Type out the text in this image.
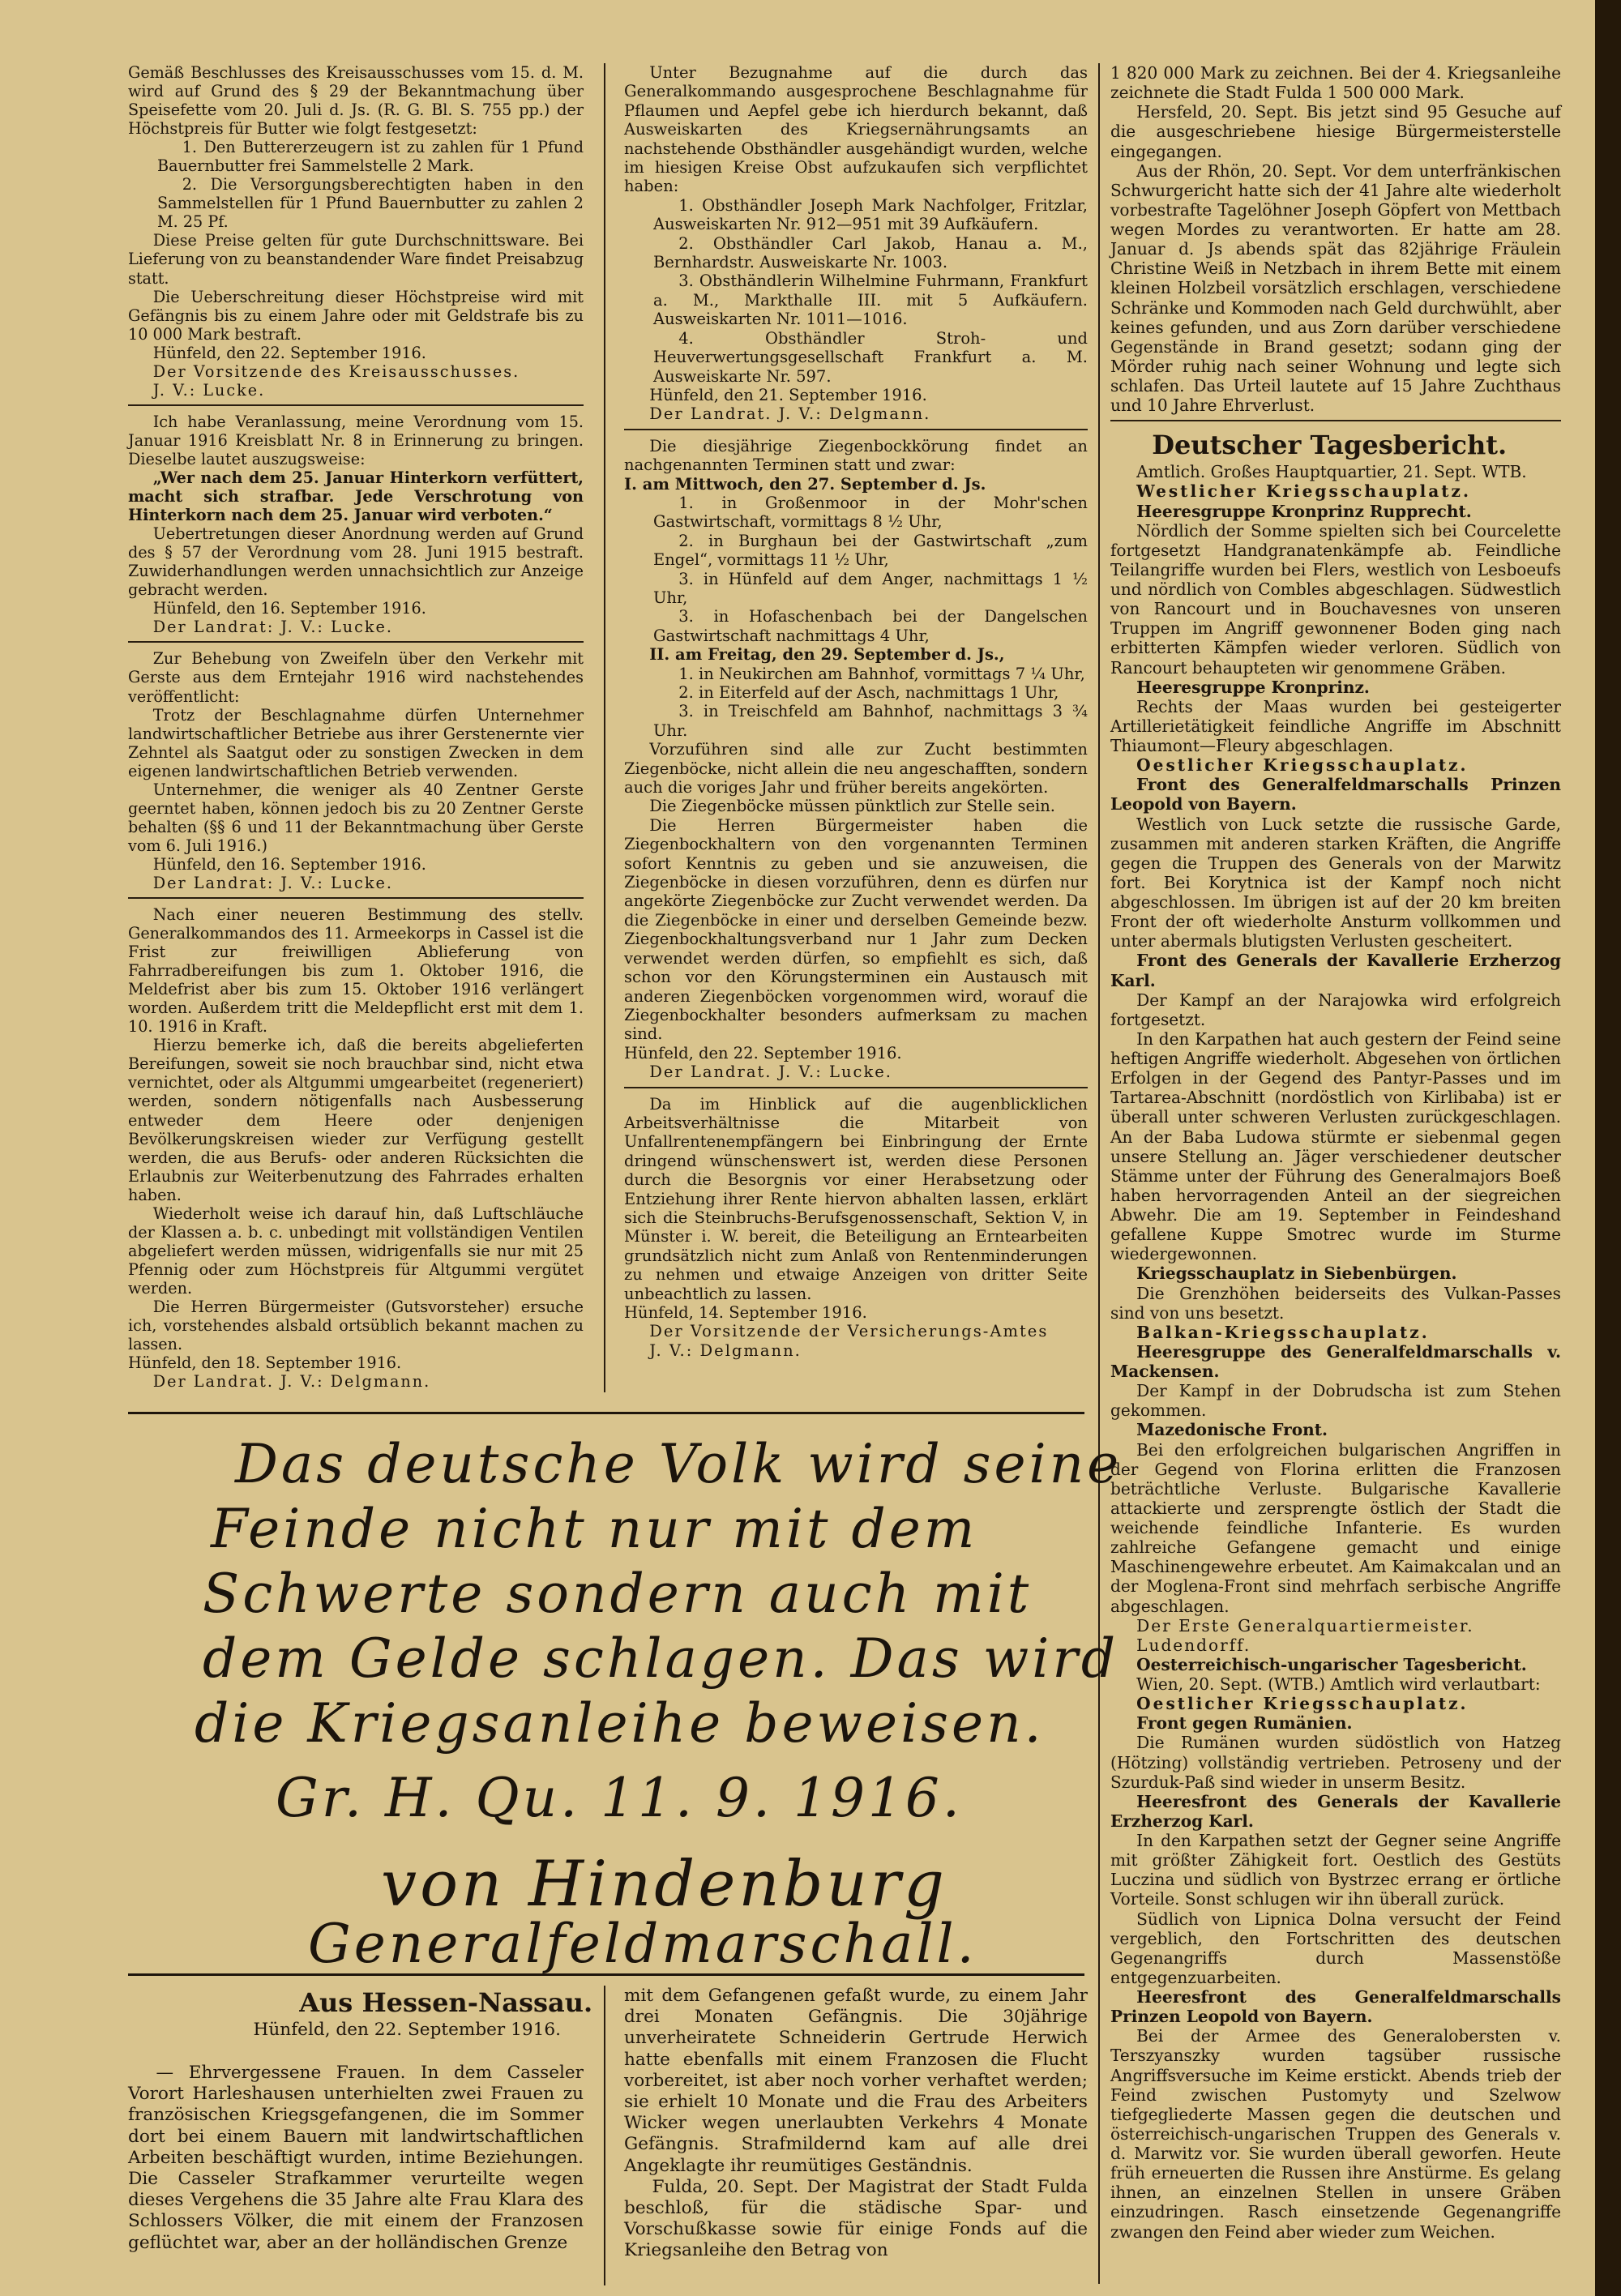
Gemäß Beschlusses des Kreisausschusses vom 15. d. M. wird auf Grund des § 29 der Bekanntmachung über Speisefette vom 20. Juli d. Js. (R. G. Bl. S. 755 pp.) der Höchstpreis für Butter wie folgt festgesetzt:

1. Den Buttererzeugern ist zu zahlen für 1 Pfund Bauernbutter frei Sammelstelle 2 Mark.

2. Die Versorgungsberechtigten haben in den Sammelstellen für 1 Pfund Bauernbutter zu zahlen 2 M. 25 Pf.

Diese Preise gelten für gute Durchschnittsware. Bei Lieferung von zu beanstandender Ware findet Preisabzug statt.

Die Ueberschreitung dieser Höchstpreise wird mit Gefängnis bis zu einem Jahre oder mit Geldstrafe bis zu 10 000 Mark bestraft.

Hünfeld, den 22. September 1916.

Der Vorsitzende des Kreisausschusses.

J. V.: Lucke.

Ich habe Veranlassung, meine Verordnung vom 15. Januar 1916 Kreisblatt Nr. 8 in Erinnerung zu bringen. Dieselbe lautet auszugsweise:

„Wer nach dem 25. Januar Hinterkorn verfüttert, macht sich strafbar. Jede Verschrotung von Hinterkorn nach dem 25. Januar wird verboten.“

Uebertretungen dieser Anordnung werden auf Grund des § 57 der Verordnung vom 28. Juni 1915 bestraft. Zuwiderhandlungen werden unnachsichtlich zur Anzeige gebracht werden.

Hünfeld, den 16. September 1916.

Der Landrat: J. V.: Lucke.

Zur Behebung von Zweifeln über den Verkehr mit Gerste aus dem Erntejahr 1916 wird nachstehendes veröffentlicht:

Trotz der Beschlagnahme dürfen Unternehmer landwirtschaftlicher Betriebe aus ihrer Gerstenernte vier Zehntel als Saatgut oder zu sonstigen Zwecken in dem eigenen landwirtschaftlichen Betrieb verwenden.

Unternehmer, die weniger als 40 Zentner Gerste geerntet haben, können jedoch bis zu 20 Zentner Gerste behalten (§§ 6 und 11 der Bekanntmachung über Gerste vom 6. Juli 1916.)

Hünfeld, den 16. September 1916.

Der Landrat: J. V.: Lucke.

Nach einer neueren Bestimmung des stellv. Generalkommandos des 11. Armeekorps in Cassel ist die Frist zur freiwilligen Ablieferung von Fahrradbereifungen bis zum 1. Oktober 1916, die Meldefrist aber bis zum 15. Oktober 1916 verlängert worden. Außerdem tritt die Meldepflicht erst mit dem 1. 10. 1916 in Kraft.

Hierzu bemerke ich, daß die bereits abgelieferten Bereifungen, soweit sie noch brauchbar sind, nicht etwa vernichtet, oder als Altgummi umgearbeitet (regeneriert) werden, sondern nötigenfalls nach Ausbesserung entweder dem Heere oder denjenigen Bevölkerungskreisen wieder zur Verfügung gestellt werden, die aus Berufs- oder anderen Rücksichten die Erlaubnis zur Weiterbenutzung des Fahrrades erhalten haben.

Wiederholt weise ich darauf hin, daß Luftschläuche der Klassen a. b. c. unbedingt mit vollständigen Ventilen abgeliefert werden müssen, widrigenfalls sie nur mit 25 Pfennig oder zum Höchstpreis für Altgummi vergütet werden.

Die Herren Bürgermeister (Gutsvorsteher) ersuche ich, vorstehendes alsbald ortsüblich bekannt machen zu lassen.

Hünfeld, den 18. September 1916.

Der Landrat. J. V.: Delgmann.

Unter Bezugnahme auf die durch das Generalkommando ausgesprochene Beschlagnahme für Pflaumen und Aepfel gebe ich hierdurch bekannt, daß Ausweiskarten des Kriegsernährungsamts an nachstehende Obsthändler ausgehändigt wurden, welche im hiesigen Kreise Obst aufzukaufen sich verpflichtet haben:

1. Obsthändler Joseph Mark Nachfolger, Fritzlar, Ausweiskarten Nr. 912—951 mit 39 Aufkäufern.

2. Obsthändler Carl Jakob, Hanau a. M., Bernhardstr. Ausweiskarte Nr. 1003.

3. Obsthändlerin Wilhelmine Fuhrmann, Frankfurt a. M., Markthalle III. mit 5 Aufkäufern. Ausweiskarten Nr. 1011—1016.

4. Obsthändler Stroh- und Heuverwertungsgesellschaft Frankfurt a. M. Ausweiskarte Nr. 597.

Hünfeld, den 21. September 1916.

Der Landrat. J. V.: Delgmann.

Die diesjährige Ziegenbockkörung findet an nachgenannten Terminen statt und zwar:

I. am Mittwoch, den 27. September d. Js.

1. in Großenmoor in der Mohr'schen Gastwirtschaft, vormittags 8 ½ Uhr,

2. in Burghaun bei der Gastwirtschaft „zum Engel“, vormittags 11 ½ Uhr,

3. in Hünfeld auf dem Anger, nachmittags 1 ½ Uhr,

3. in Hofaschenbach bei der Dangelschen Gastwirtschaft nachmittags 4 Uhr,

II. am Freitag, den 29. September d. Js.,

1. in Neukirchen am Bahnhof, vormittags 7 ¼ Uhr,

2. in Eiterfeld auf der Asch, nachmittags 1 Uhr,

3. in Treischfeld am Bahnhof, nachmittags 3 ¾ Uhr.

Vorzuführen sind alle zur Zucht bestimmten Ziegenböcke, nicht allein die neu angeschafften, sondern auch die voriges Jahr und früher bereits angekörten.

Die Ziegenböcke müssen pünktlich zur Stelle sein.

Die Herren Bürgermeister haben die Ziegenbockhaltern von den vorgenannten Terminen sofort Kenntnis zu geben und sie anzuweisen, die Ziegenböcke in diesen vorzuführen, denn es dürfen nur angekörte Ziegenböcke zur Zucht verwendet werden. Da die Ziegenböcke in einer und derselben Gemeinde bezw. Ziegenbockhaltungsverband nur 1 Jahr zum Decken verwendet werden dürfen, so empfiehlt es sich, daß schon vor den Körungsterminen ein Austausch mit anderen Ziegenböcken vorgenommen wird, worauf die Ziegenbockhalter besonders aufmerksam zu machen sind.

Hünfeld, den 22. September 1916.

Der Landrat. J. V.: Lucke.

Da im Hinblick auf die augenblicklichen Arbeitsverhältnisse die Mitarbeit von Unfallrentenempfängern bei Einbringung der Ernte dringend wünschenswert ist, werden diese Personen durch die Besorgnis vor einer Herabsetzung oder Entziehung ihrer Rente hiervon abhalten lassen, erklärt sich die Steinbruchs-Berufsgenossenschaft, Sektion V, in Münster i. W. bereit, die Beteiligung an Erntearbeiten grundsätzlich nicht zum Anlaß von Rentenminderungen zu nehmen und etwaige Anzeigen von dritter Seite unbeachtlich zu lassen.

Hünfeld, 14. September 1916.

Der Vorsitzende der Versicherungs-Amtes

J. V.: Delgmann.

1 820 000 Mark zu zeichnen. Bei der 4. Kriegsanleihe zeichnete die Stadt Fulda 1 500 000 Mark.

Hersfeld, 20. Sept. Bis jetzt sind 95 Gesuche auf die ausgeschriebene hiesige Bürgermeisterstelle eingegangen.

Aus der Rhön, 20. Sept. Vor dem unterfränkischen Schwurgericht hatte sich der 41 Jahre alte wiederholt vorbestrafte Tagelöhner Joseph Göpfert von Mettbach wegen Mordes zu verantworten. Er hatte am 28. Januar d. Js abends spät das 82jährige Fräulein Christine Weiß in Netzbach in ihrem Bette mit einem kleinen Holzbeil vorsätzlich erschlagen, verschiedene Schränke und Kommoden nach Geld durchwühlt, aber keines gefunden, und aus Zorn darüber verschiedene Gegenstände in Brand gesetzt; sodann ging der Mörder ruhig nach seiner Wohnung und legte sich schlafen. Das Urteil lautete auf 15 Jahre Zuchthaus und 10 Jahre Ehrverlust.

Deutscher Tagesbericht.

Amtlich. Großes Hauptquartier, 21. Sept. WTB.

Westlicher Kriegsschauplatz.

Heeresgruppe Kronprinz Rupprecht.

Nördlich der Somme spielten sich bei Courcelette fortgesetzt Handgranatenkämpfe ab. Feindliche Teilangriffe wurden bei Flers, westlich von Lesboeufs und nördlich von Combles abgeschlagen. Südwestlich von Rancourt und in Bouchavesnes von unseren Truppen im Angriff gewonnener Boden ging nach erbitterten Kämpfen wieder verloren. Südlich von Rancourt behaupteten wir genommene Gräben.

Heeresgruppe Kronprinz.

Rechts der Maas wurden bei gesteigerter Artillerietätigkeit feindliche Angriffe im Abschnitt Thiaumont—Fleury abgeschlagen.

Oestlicher Kriegsschauplatz.

Front des Generalfeldmarschalls Prinzen Leopold von Bayern.

Westlich von Luck setzte die russische Garde, zusammen mit anderen starken Kräften, die Angriffe gegen die Truppen des Generals von der Marwitz fort. Bei Korytnica ist der Kampf noch nicht abgeschlossen. Im übrigen ist auf der 20 km breiten Front der oft wiederholte Ansturm vollkommen und unter abermals blutigsten Verlusten gescheitert.

Front des Generals der Kavallerie Erzherzog Karl.

Der Kampf an der Narajowka wird erfolgreich fortgesetzt.

In den Karpathen hat auch gestern der Feind seine heftigen Angriffe wiederholt. Abgesehen von örtlichen Erfolgen in der Gegend des Pantyr-Passes und im Tartarea-Abschnitt (nordöstlich von Kirlibaba) ist er überall unter schweren Verlusten zurückgeschlagen. An der Baba Ludowa stürmte er siebenmal gegen unsere Stellung an. Jäger verschiedener deutscher Stämme unter der Führung des Generalmajors Boeß haben hervorragenden Anteil an der siegreichen Abwehr. Die am 19. September in Feindeshand gefallene Kuppe Smotrec wurde im Sturme wiedergewonnen.

Kriegsschauplatz in Siebenbürgen.

Die Grenzhöhen beiderseits des Vulkan-Passes sind von uns besetzt.

Balkan-Kriegsschauplatz.

Heeresgruppe des Generalfeldmarschalls v. Mackensen.

Der Kampf in der Dobrudscha ist zum Stehen gekommen.

Mazedonische Front.

Bei den erfolgreichen bulgarischen Angriffen in der Gegend von Florina erlitten die Franzosen beträchtliche Verluste. Bulgarische Kavallerie attackierte und zersprengte östlich der Stadt die weichende feindliche Infanterie. Es wurden zahlreiche Gefangene gemacht und einige Maschinengewehre erbeutet. Am Kaimakcalan und an der Moglena-Front sind mehrfach serbische Angriffe abgeschlagen.

Der Erste Generalquartiermeister.

Ludendorff.

Oesterreichisch-ungarischer Tagesbericht.

Wien, 20. Sept. (WTB.) Amtlich wird verlautbart:

Oestlicher Kriegsschauplatz.

Front gegen Rumänien.

Die Rumänen wurden südöstlich von Hatzeg (Hötzing) vollständig vertrieben. Petroseny und der Szurduk-Paß sind wieder in unserm Besitz.

Heeresfront des Generals der Kavallerie Erzherzog Karl.

In den Karpathen setzt der Gegner seine Angriffe mit größter Zähigkeit fort. Oestlich des Gestüts Luczina und südlich von Bystrzec errang er örtliche Vorteile. Sonst schlugen wir ihn überall zurück.

Südlich von Lipnica Dolna versucht der Feind vergeblich, den Fortschritten des deutschen Gegenangriffs durch Massenstöße entgegenzuarbeiten.

Heeresfront des Generalfeldmarschalls Prinzen Leopold von Bayern.

Bei der Armee des Generalobersten v. Terszyanszky wurden tagsüber russische Angriffsversuche im Keime erstickt. Abends trieb der Feind zwischen Pustomyty und Szelwow tiefgegliederte Massen gegen die deutschen und österreichisch-ungarischen Truppen des Generals v. d. Marwitz vor. Sie wurden überall geworfen. Heute früh erneuerten die Russen ihre Anstürme. Es gelang ihnen, an einzelnen Stellen in unsere Gräben einzudringen. Rasch einsetzende Gegenangriffe zwangen den Feind aber wieder zum Weichen.

Das deutsche Volk wird seine
Feinde nicht nur mit dem
Schwerte sondern auch mit
dem Gelde schlagen. Das wird
die Kriegsanleihe beweisen.
Gr. H. Qu. 11. 9. 1916.
von Hindenburg
Generalfeldmarschall.

Aus Hessen-Nassau.

Hünfeld, den 22. September 1916.

— Ehrvergessene Frauen. In dem Casseler Vorort Harleshausen unterhielten zwei Frauen zu französischen Kriegsgefangenen, die im Sommer dort bei einem Bauern mit landwirtschaftlichen Arbeiten beschäftigt wurden, intime Beziehungen. Die Casseler Strafkammer verurteilte wegen dieses Vergehens die 35 Jahre alte Frau Klara des Schlossers Völker, die mit einem der Franzosen geflüchtet war, aber an der holländischen Grenze

mit dem Gefangenen gefaßt wurde, zu einem Jahr drei Monaten Gefängnis. Die 30jährige unverheiratete Schneiderin Gertrude Herwich hatte ebenfalls mit einem Franzosen die Flucht vorbereitet, ist aber noch vorher verhaftet werden; sie erhielt 10 Monate und die Frau des Arbeiters Wicker wegen unerlaubten Verkehrs 4 Monate Gefängnis. Strafmildernd kam auf alle drei Angeklagte ihr reumütiges Geständnis.

Fulda, 20. Sept. Der Magistrat der Stadt Fulda beschloß, für die städische Spar- und Vorschußkasse sowie für einige Fonds auf die Kriegsanleihe den Betrag von
